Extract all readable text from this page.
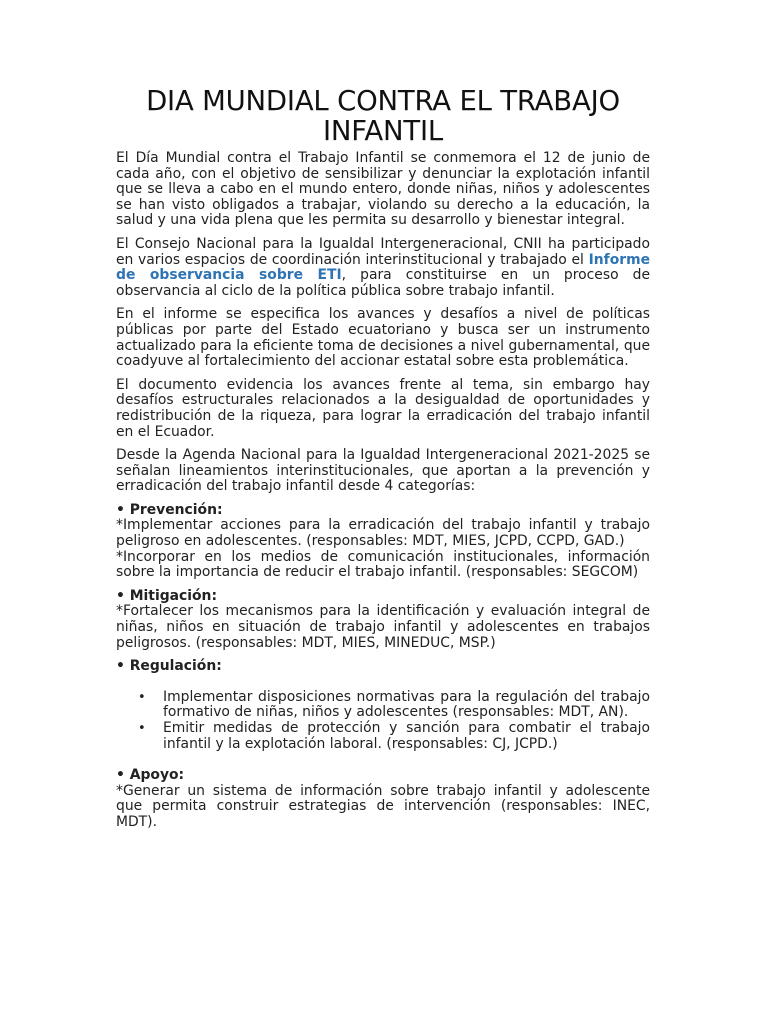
DIA MUNDIAL CONTRA EL TRABAJO INFANTIL

El Día Mundial contra el Trabajo Infantil se conmemora el 12 de junio de cada año, con el objetivo de sensibilizar y denunciar la explotación infantil que se lleva a cabo en el mundo entero, donde niñas, niños y adolescentes se han visto obligados a trabajar, violando su derecho a la educación, la salud y una vida plena que les permita su desarrollo y bienestar integral.

El Consejo Nacional para la Igualdal Intergeneracional, CNII ha participado en varios espacios de coordinación interinstitucional y trabajado el Informe de observancia sobre ETI, para constituirse en un proceso de observancia al ciclo de la política pública sobre trabajo infantil.

En el informe se especifica los avances y desafíos a nivel de políticas públicas por parte del Estado ecuatoriano y busca ser un instrumento actualizado para la eficiente toma de decisiones a nivel gubernamental, que coadyuve al fortalecimiento del accionar estatal sobre esta problemática.

El documento evidencia los avances frente al tema, sin embargo hay desafíos estructurales relacionados a la desigualdad de oportunidades y redistribución de la riqueza, para lograr la erradicación del trabajo infantil en el Ecuador.

Desde la Agenda Nacional para la Igualdad Intergeneracional 2021-2025 se señalan lineamientos interinstitucionales, que aportan a la prevención y erradicación del trabajo infantil desde 4 categorías:

• Prevención:
*Implementar acciones para la erradicación del trabajo infantil y trabajo peligroso en adolescentes. (responsables: MDT, MIES, JCPD, CCPD, GAD.)
*Incorporar en los medios de comunicación institucionales, información sobre la importancia de reducir el trabajo infantil. (responsables: SEGCOM)

• Mitigación:
*Fortalecer los mecanismos para la identificación y evaluación integral de niñas, niños en situación de trabajo infantil y adolescentes en trabajos peligrosos. (responsables: MDT, MIES, MINEDUC, MSP.)

• Regulación:

• Implementar disposiciones normativas para la regulación del trabajo formativo de niñas, niños y adolescentes (responsables: MDT, AN).
• Emitir medidas de protección y sanción para combatir el trabajo infantil y la explotación laboral. (responsables: CJ, JCPD.)

• Apoyo:
*Generar un sistema de información sobre trabajo infantil y adolescente que permita construir estrategias de intervención (responsables: INEC, MDT).
